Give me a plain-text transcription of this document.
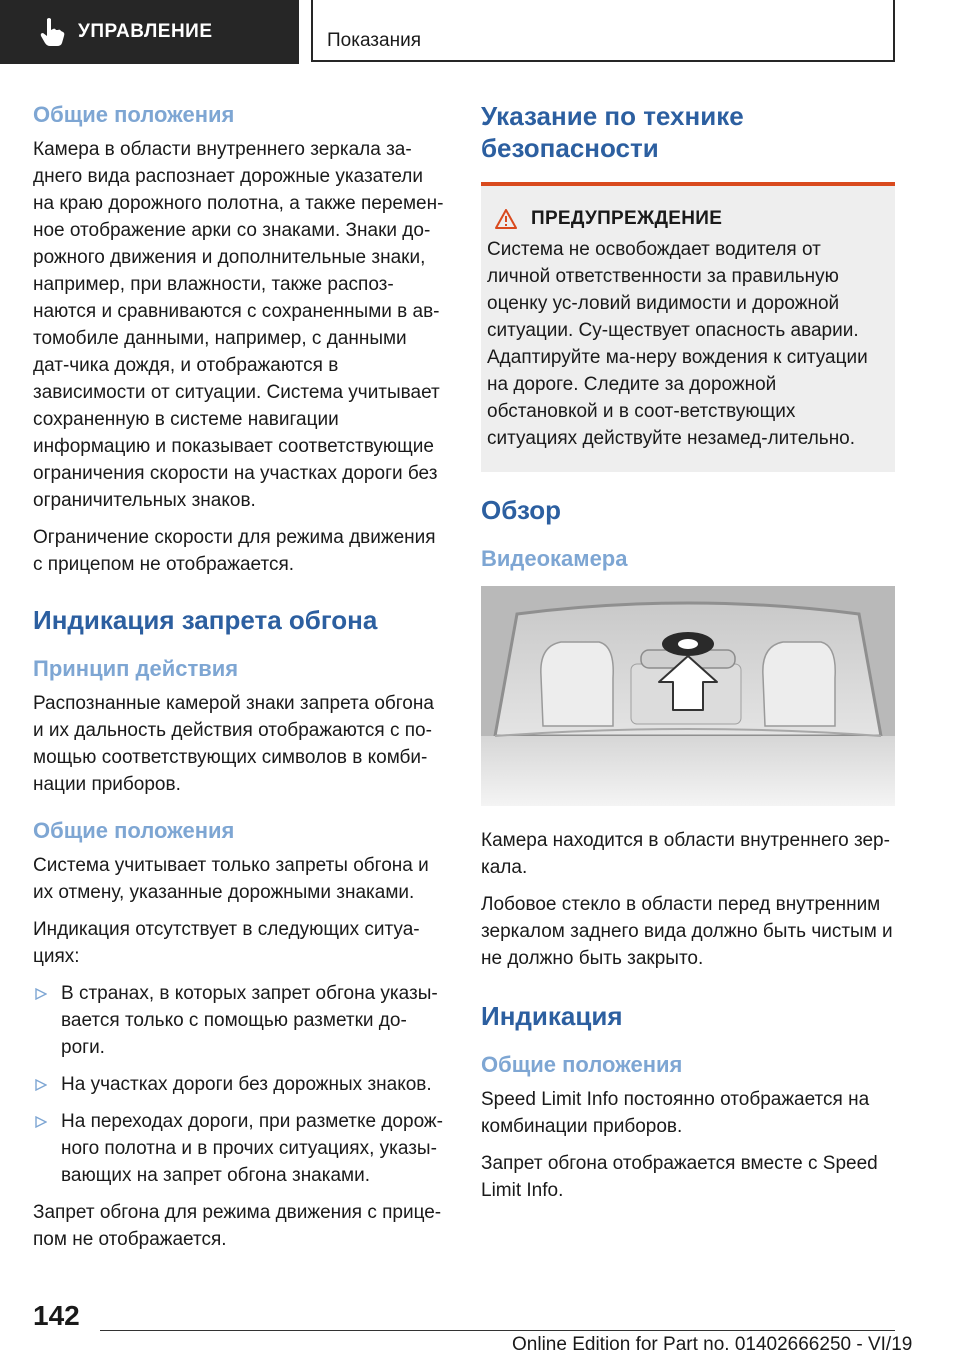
УПРАВЛЕНИЕ	Показания
Общие положения

Камера в области внутреннего зеркала за-днего вида распознает дорожные указатели на краю дорожного полотна, а также перемен-ное отображение арки со знаками. Знаки до-рожного движения и дополнительные знаки, например, при влажности, также распоз-наются и сравниваются с сохраненными в ав-томобиле данными, например, с данными дат-чика дождя, и отображаются в зависимости от ситуации. Система учитывает сохраненную в системе навигации информацию и показывает соответствующие ограничения скорости на участках дороги без ограничительных знаков.

Ограничение скорости для режима движения с прицепом не отображается.

Индикация запрета обгона
Принцип действия

Распознанные камерой знаки запрета обгона и их дальность действия отображаются с по-мощью соответствующих символов в комби-нации приборов.

Общие положения

Система учитывает только запреты обгона и их отмену, указанные дорожными знаками.

Индикация отсутствует в следующих ситуа-циях:

В странах, в которых запрет обгона указы-вается только с помощью разметки до-роги.
На участках дороги без дорожных знаков.
На переходах дороги, при разметке дорож-ного полотна и в прочих ситуациях, указы-вающих на запрет обгона знаками.

Запрет обгона для режима движения с прице-пом не отображается.

Указание по технике безопасности
ПРЕДУПРЕЖДЕНИЕ

Система не освобождает водителя от личной ответственности за правильную оценку ус-ловий видимости и дорожной ситуации. Су-ществует опасность аварии. Адаптируйте ма-неру вождения к ситуации на дороге. Следите за дорожной обстановкой и в соот-ветствующих ситуациях действуйте незамед-лительно.

Обзор
Видеокамера

Камера находится в области внутреннего зер-кала.

Лобовое стекло в области перед внутренним зеркалом заднего вида должно быть чистым и не должно быть закрыто.

Индикация
Общие положения

Speed Limit Info постоянно отображается на комбинации приборов.

Запрет обгона отображается вместе с Speed Limit Info.

142
Online Edition for Part no. 01402666250 - VI/19
